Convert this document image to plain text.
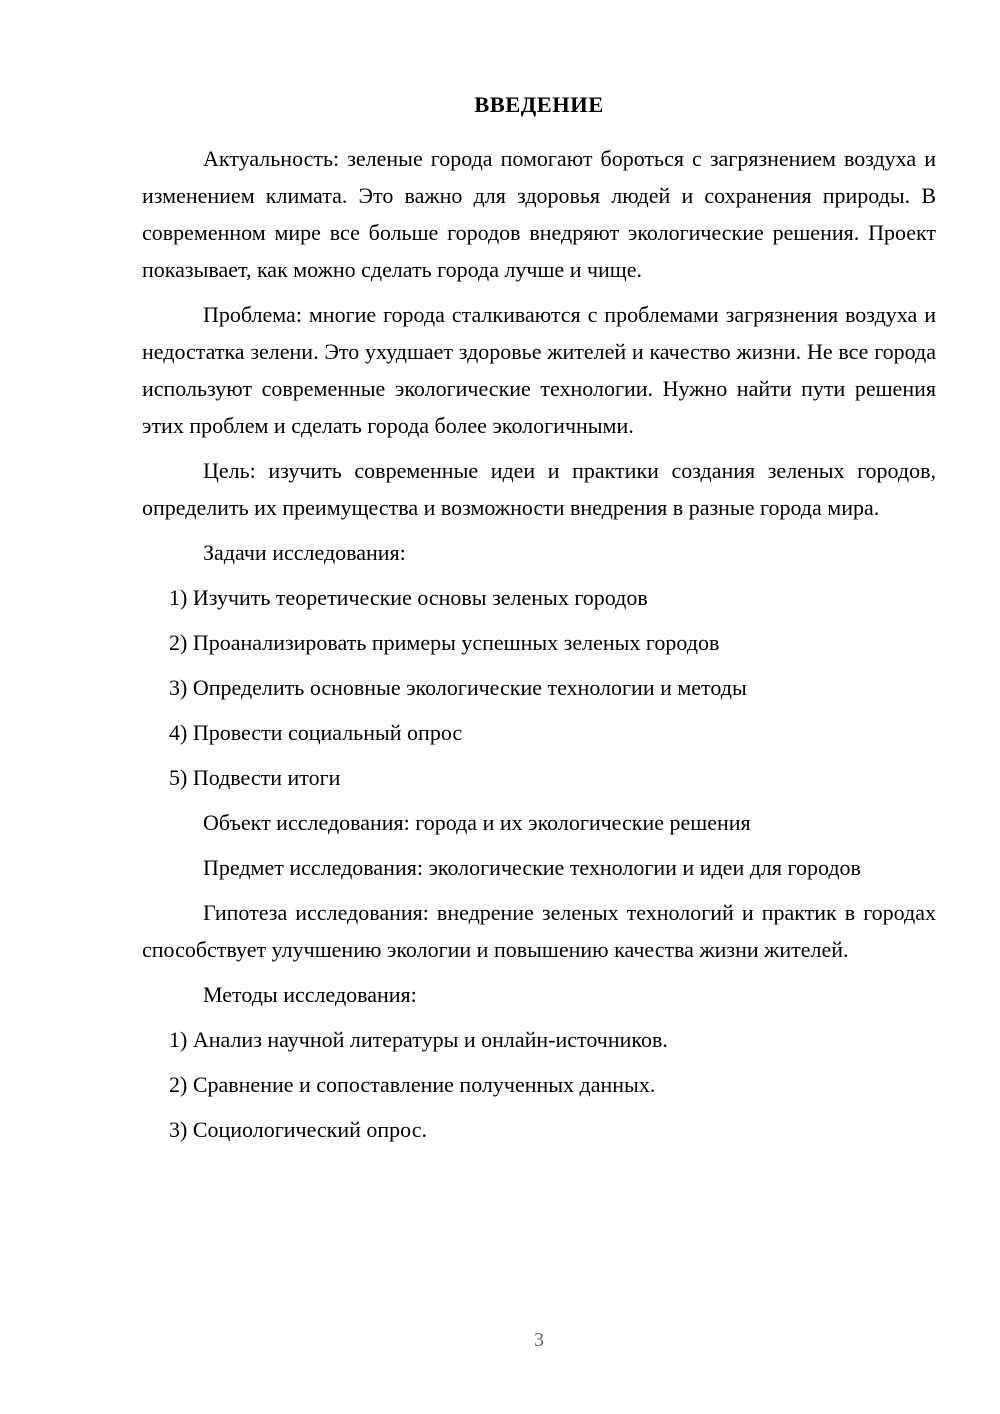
ВВЕДЕНИЕ

Актуальность: зеленые города помогают бороться с загрязнением воздуха и изменением климата. Это важно для здоровья людей и сохранения природы. В современном мире все больше городов внедряют экологические решения. Проект показывает, как можно сделать города лучше и чище.

Проблема: многие города сталкиваются с проблемами загрязнения воздуха и недостатка зелени. Это ухудшает здоровье жителей и качество жизни. Не все города используют современные экологические технологии. Нужно найти пути решения этих проблем и сделать города более экологичными.

Цель: изучить современные идеи и практики создания зеленых городов, определить их преимущества и возможности внедрения в разные города мира.

Задачи исследования:

1) Изучить теоретические основы зеленых городов

2) Проанализировать примеры успешных зеленых городов

3) Определить основные экологические технологии и методы

4) Провести социальный опрос

5) Подвести итоги

Объект исследования: города и их экологические решения

Предмет исследования: экологические технологии и идеи для городов

Гипотеза исследования: внедрение зеленых технологий и практик в городах способствует улучшению экологии и повышению качества жизни жителей.

Методы исследования:

1) Анализ научной литературы и онлайн-источников.

2) Сравнение и сопоставление полученных данных.

3) Социологический опрос.

3
